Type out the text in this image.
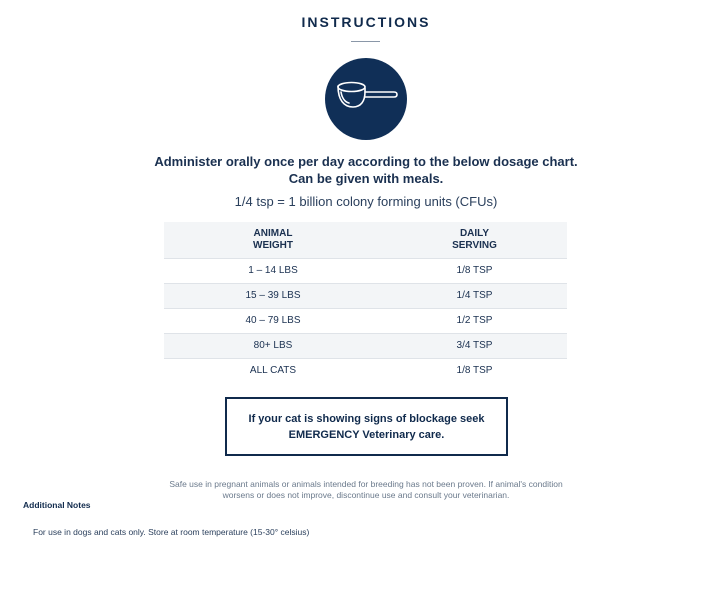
INSTRUCTIONS

Administer orally once per day according to the below dosage chart. Can be given with meals.

1/4 tsp = 1 billion colony forming units (CFUs)

ANIMAL WEIGHT	DAILY SERVING
1 – 14 LBS	1/8 TSP
15 – 39 LBS	1/4 TSP
40 – 79 LBS	1/2 TSP
80+ LBS	3/4 TSP
ALL CATS	1/8 TSP
If your cat is showing signs of blockage seek EMERGENCY Veterinary care.

Safe use in pregnant animals or animals intended for breeding has not been proven. If animal's condition worsens or does not improve, discontinue use and consult your veterinarian.

Additional Notes

For use in dogs and cats only. Store at room temperature (15-30° celsius)
